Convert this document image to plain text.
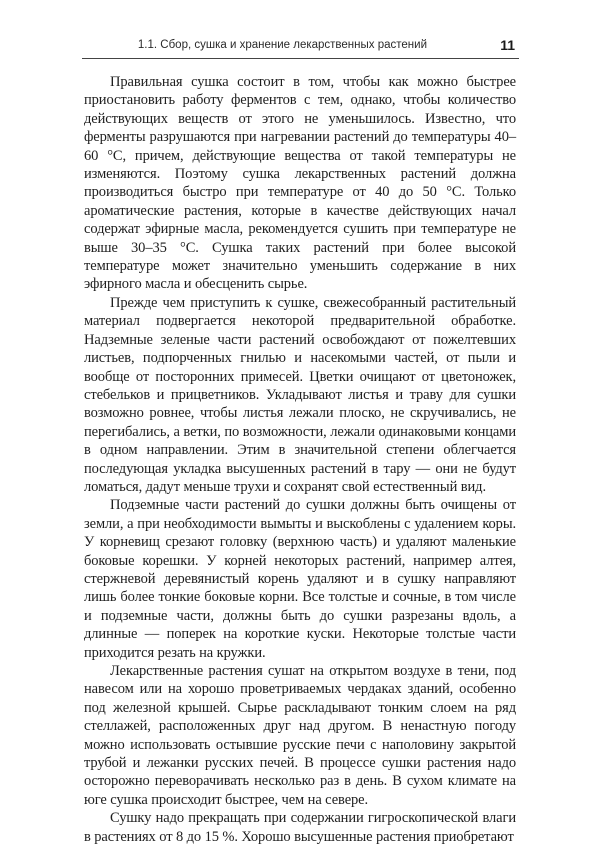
1.1. Сбор, сушка и хранение лекарственных растений	11

Правильная сушка состоит в том, чтобы как можно быстрее приостановить работу ферментов с тем, однако, чтобы количество действующих веществ от этого не уменьшилось. Известно, что ферменты разрушаются при нагревании растений до температуры 40–60 °С, причем, действующие вещества от такой температуры не изменяются. Поэтому сушка лекарственных растений должна производиться быстро при температуре от 40 до 50 °С. Только ароматические растения, которые в качестве действующих начал содержат эфирные масла, рекомендуется сушить при температуре не выше 30–35 °С. Сушка таких растений при более высокой температуре может значительно уменьшить содержание в них эфирного масла и обесценить сырье.

Прежде чем приступить к сушке, свежесобранный растительный материал подвергается некоторой предварительной обработке. Надземные зеленые части растений освобождают от пожелтевших листьев, подпорченных гнилью и насекомыми частей, от пыли и вообще от посторонних примесей. Цветки очищают от цветоножек, стебельков и прицветников. Укладывают листья и траву для сушки возможно ровнее, чтобы листья лежали плоско, не скручивались, не перегибались, а ветки, по возможности, лежали одинаковыми концами в одном направлении. Этим в значительной степени облегчается последующая укладка высушенных растений в тару — они не будут ломаться, дадут меньше трухи и сохранят свой естественный вид.

Подземные части растений до сушки должны быть очищены от земли, а при необходимости вымыты и выскоблены с удалением коры. У корневищ срезают головку (верхнюю часть) и удаляют маленькие боковые корешки. У корней некоторых растений, например алтея, стержневой деревянистый корень удаляют и в сушку направляют лишь более тонкие боковые корни. Все толстые и сочные, в том числе и подземные части, должны быть до сушки разрезаны вдоль, а длинные — поперек на короткие куски. Некоторые толстые части приходится резать на кружки.

Лекарственные растения сушат на открытом воздухе в тени, под навесом или на хорошо проветриваемых чердаках зданий, особенно под железной крышей. Сырье раскладывают тонким слоем на ряд стеллажей, расположенных друг над другом. В ненастную погоду можно использовать остывшие русские печи с наполовину закрытой трубой и лежанки русских печей. В процессе сушки растения надо осторожно переворачивать несколько раз в день. В сухом климате на юге сушка происходит быстрее, чем на севере.

Сушку надо прекращать при содержании гигроскопической влаги в растениях от 8 до 15 %. Хорошо высушенные растения приобретают
